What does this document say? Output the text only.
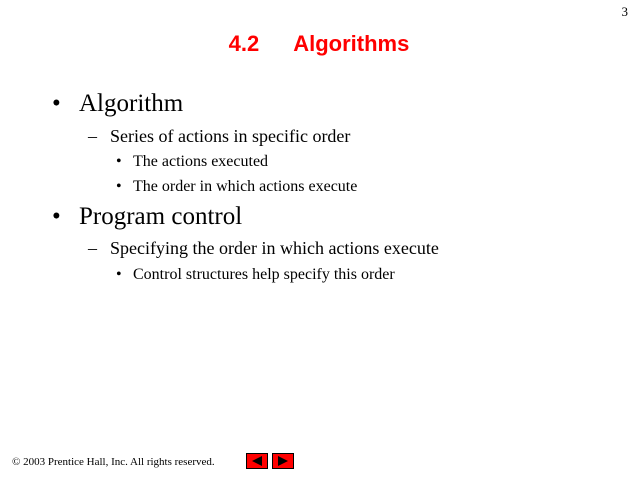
3
4.2 Algorithms
• Algorithm
– Series of actions in specific order
• The actions executed
• The order in which actions execute
• Program control
– Specifying the order in which actions execute
• Control structures help specify this order
© 2003 Prentice Hall, Inc. All rights reserved.
